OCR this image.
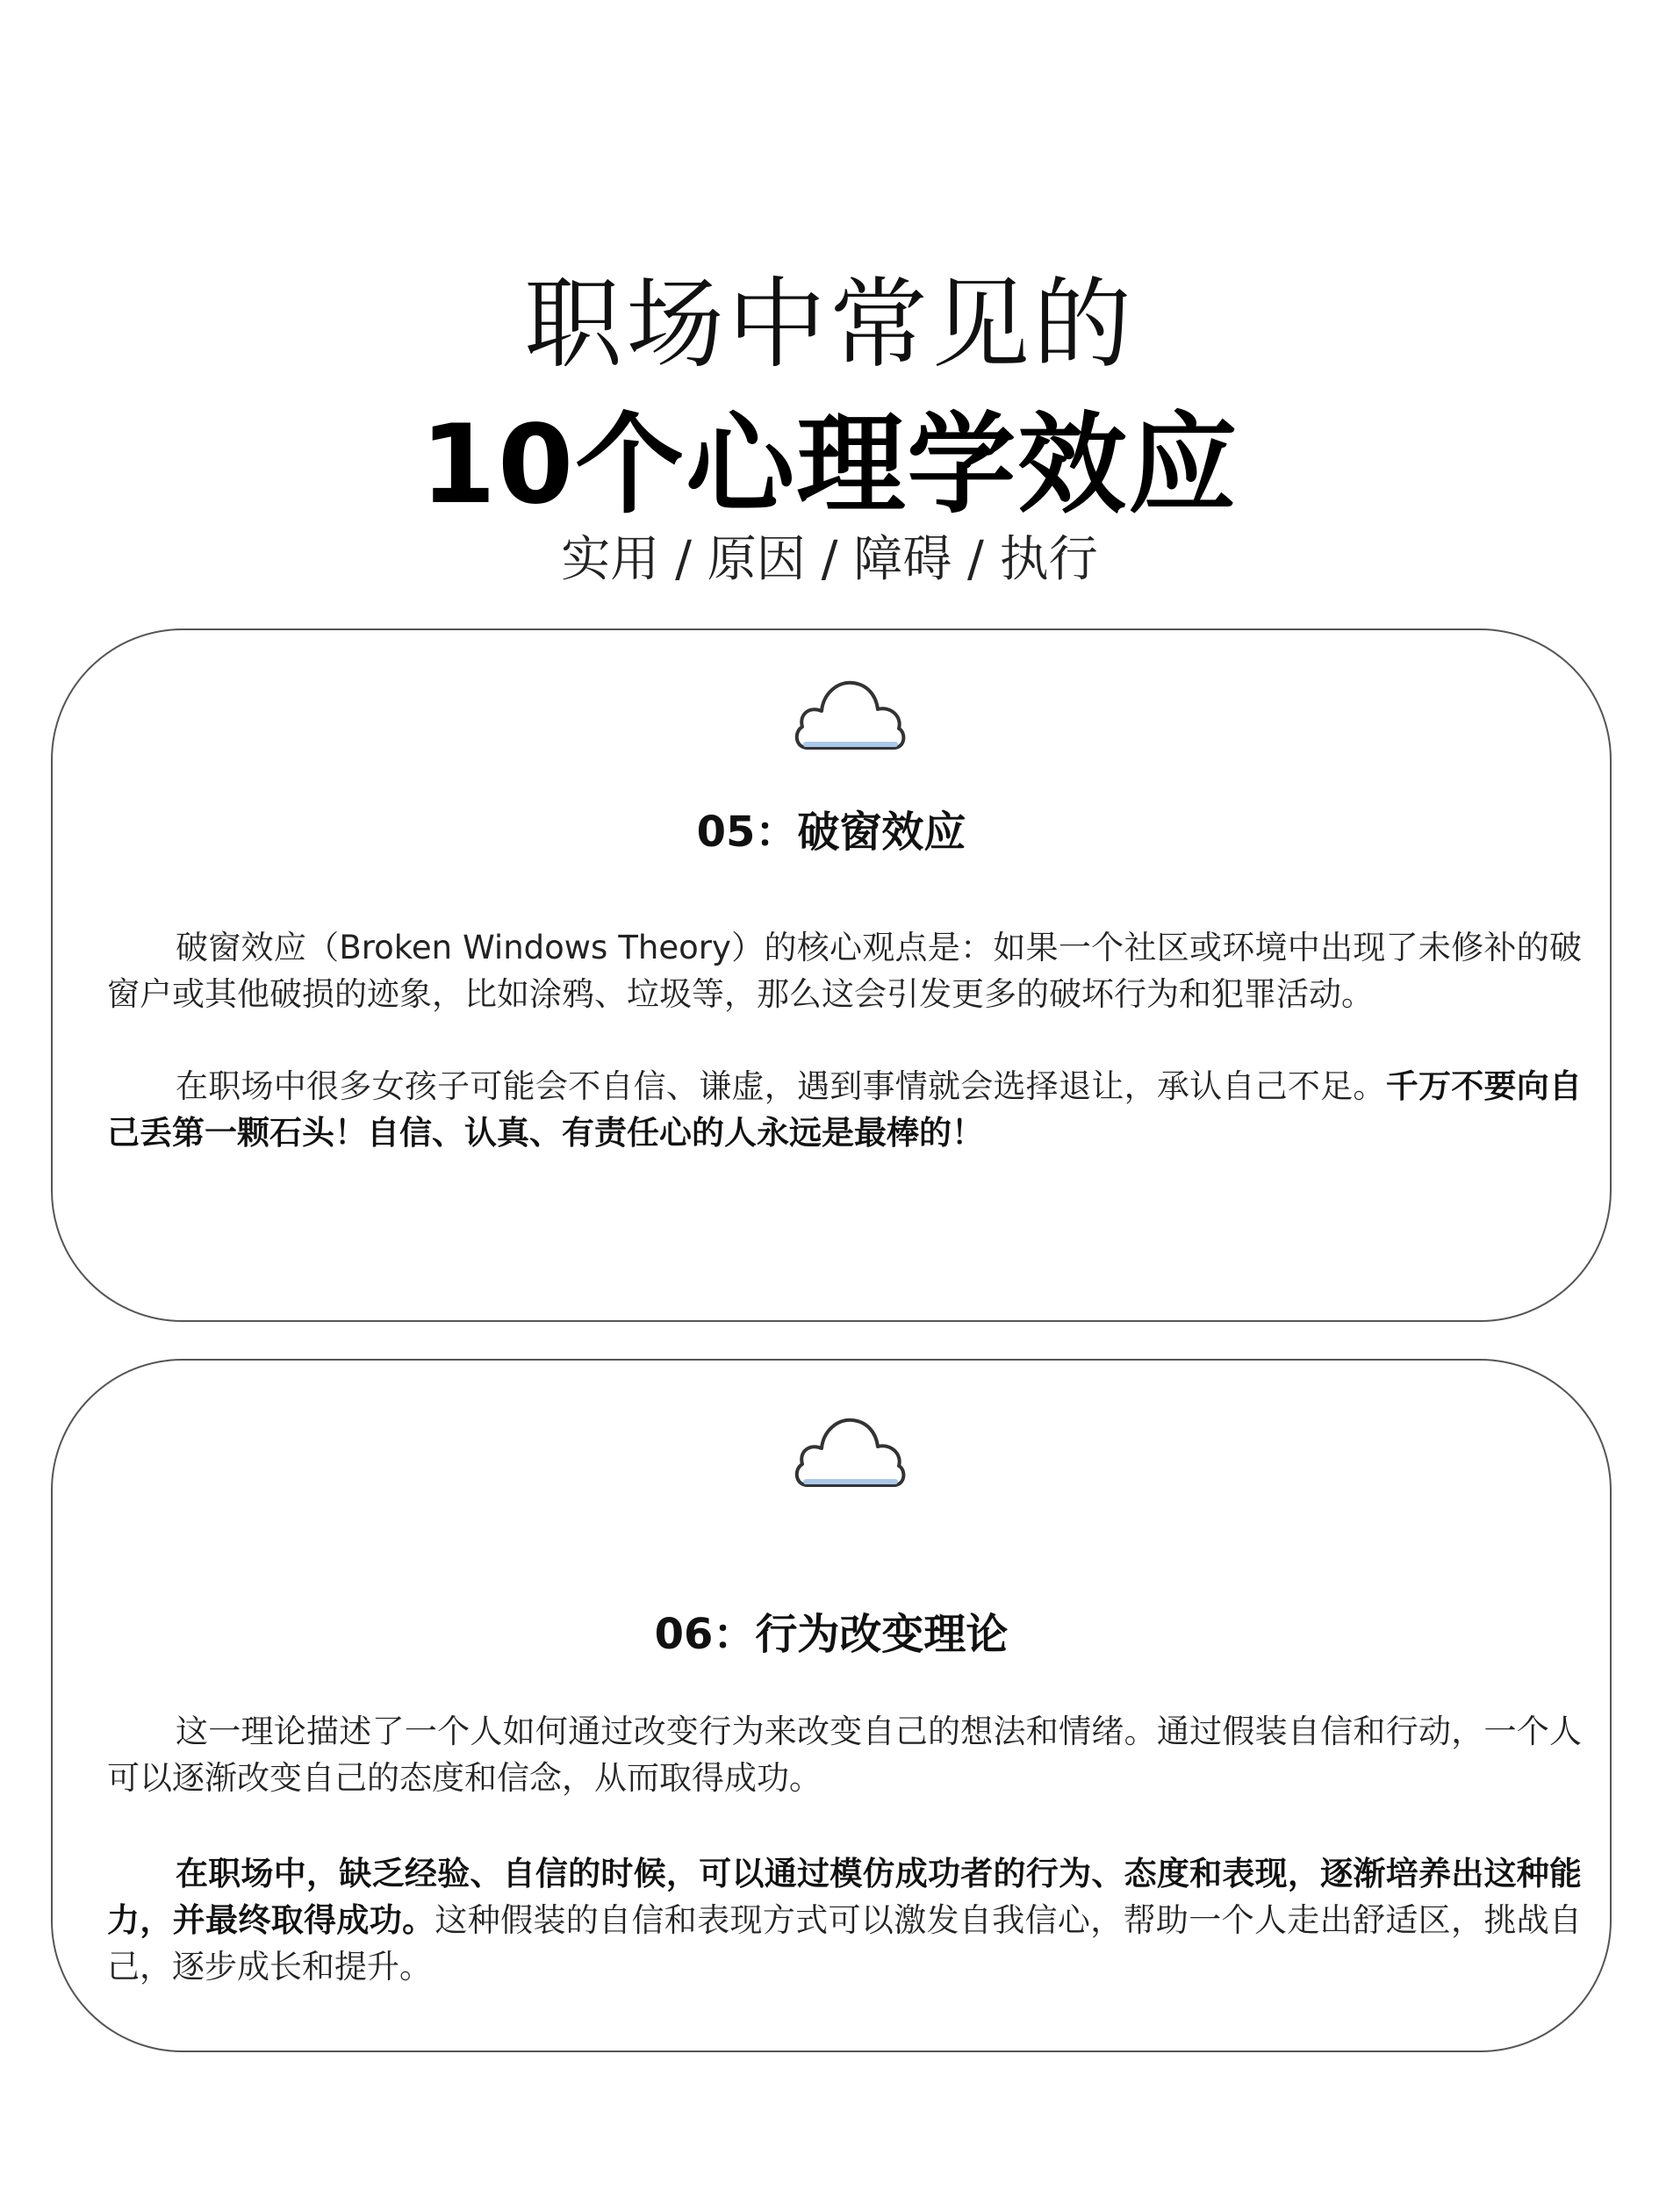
职场中常见的
10个心理学效应
实用 / 原因 / 障碍 / 执行
05：破窗效应

破窗效应（Broken Windows Theory）的核心观点是：如果一个社区或环境中出现了未修补的破窗户或其他破损的迹象，比如涂鸦、垃圾等，那么这会引发更多的破坏行为和犯罪活动。

在职场中很多女孩子可能会不自信、谦虚，遇到事情就会选择退让，承认自己不足。千万不要向自己丢第一颗石头！自信、认真、有责任心的人永远是最棒的！

06：行为改变理论

这一理论描述了一个人如何通过改变行为来改变自己的想法和情绪。通过假装自信和行动，一个人可以逐渐改变自己的态度和信念，从而取得成功。

在职场中，缺乏经验、自信的时候，可以通过模仿成功者的行为、态度和表现，逐渐培养出这种能力，并最终取得成功。这种假装的自信和表现方式可以激发自我信心，帮助一个人走出舒适区，挑战自己，逐步成长和提升。
